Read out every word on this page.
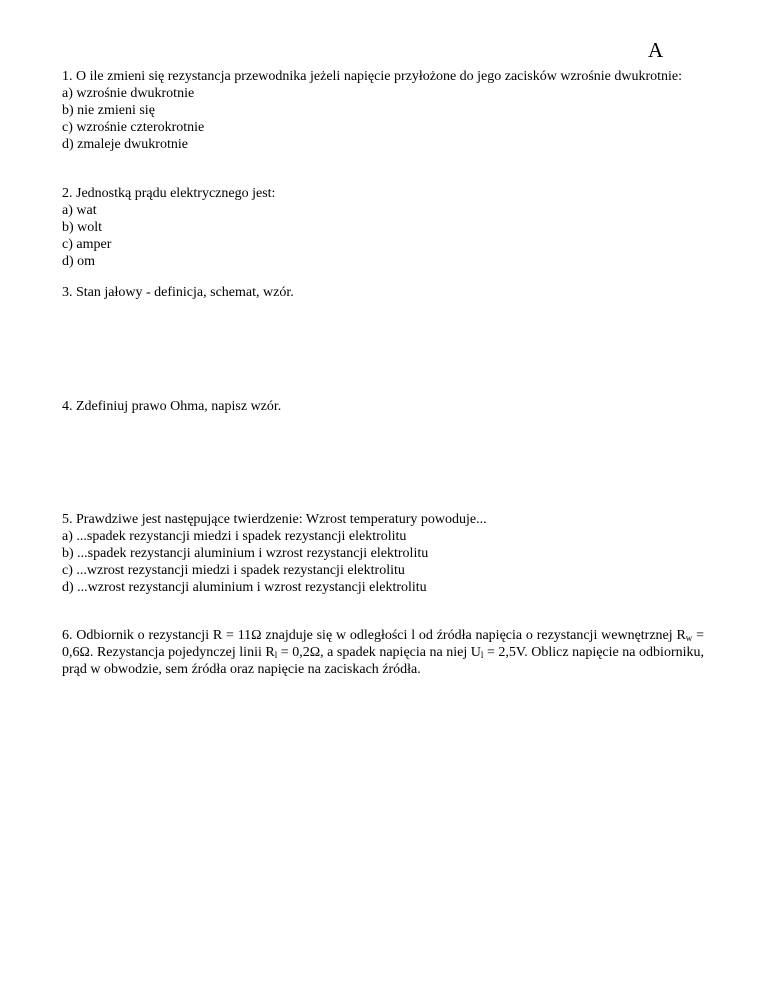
A

1. O ile zmieni się rezystancja przewodnika jeżeli napięcie przyłożone do jego zacisków wzrośnie dwukrotnie:

a) wzrośnie dwukrotnie
b) nie zmieni się
c) wzrośnie czterokrotnie
d) zmaleje dwukrotnie

2. Jednostką prądu elektrycznego jest:

a) wat
b) wolt
c) amper
d) om

3. Stan jałowy - definicja, schemat, wzór.

4. Zdefiniuj prawo Ohma, napisz wzór.

5. Prawdziwe jest następujące twierdzenie: Wzrost temperatury powoduje...

a) ...spadek rezystancji miedzi i spadek rezystancji elektrolitu
b) ...spadek rezystancji aluminium i wzrost rezystancji elektrolitu
c) ...wzrost rezystancji miedzi i spadek rezystancji elektrolitu
d) ...wzrost rezystancji aluminium i wzrost rezystancji elektrolitu

6. Odbiornik o rezystancji R = 11Ω znajduje się w odległości l od źródła napięcia o rezystancji wewnętrznej $R_w = 0,6\Omega$. Rezystancja pojedynczej linii $R_l = 0,2\Omega$, a spadek napięcia na niej $U_l = 2,5V$. Oblicz napięcie na odbiorniku, prąd w obwodzie, sem źródła oraz napięcie na zaciskach źródła.
